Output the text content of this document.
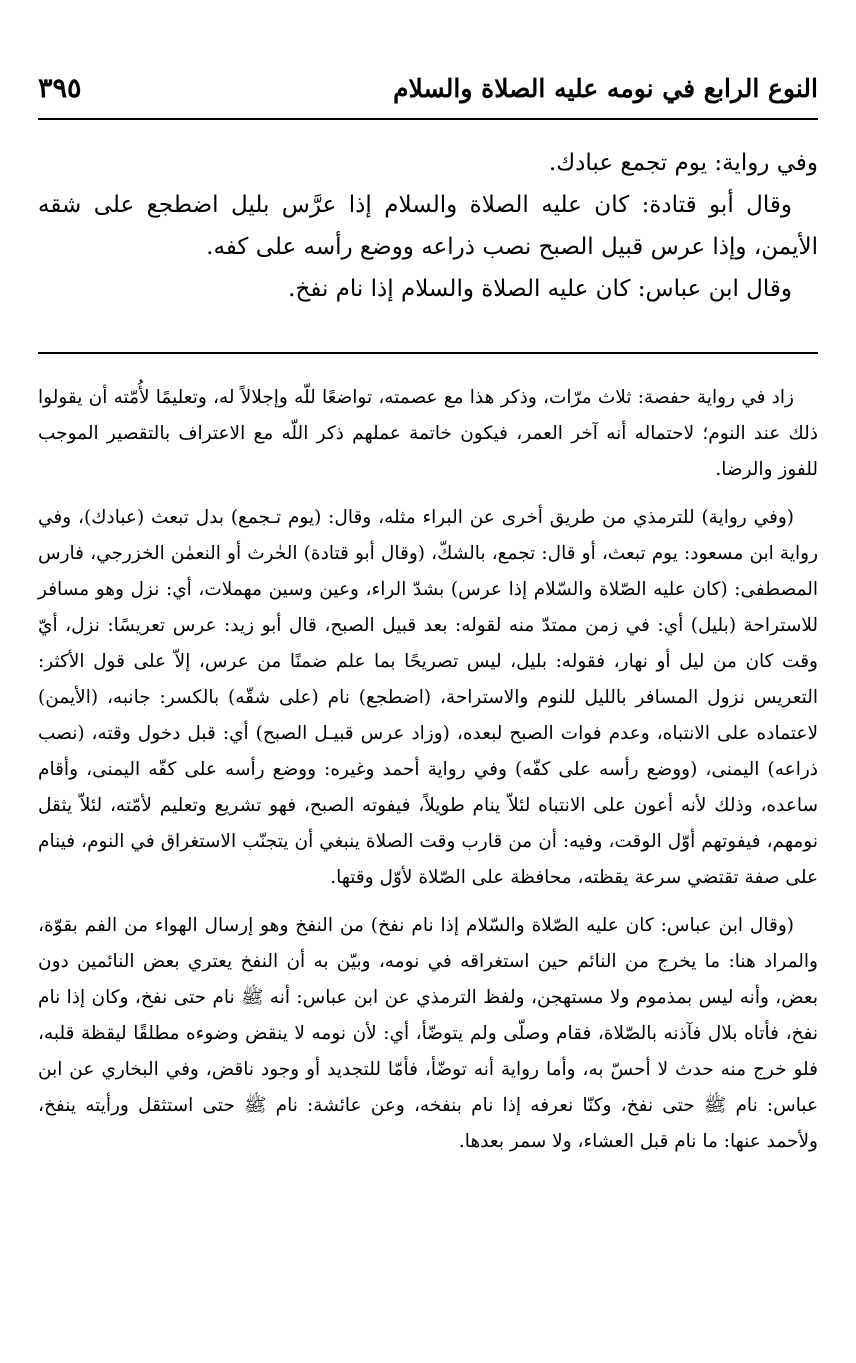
النوع الرابع في نومه عليه الصلاة والسلام
٣٩٥

وفي رواية: يوم تجمع عبادك.

وقال أبو قتادة: كان عليه الصلاة والسلام إذا عرَّس بليل اضطجع على شقه الأيمن، وإذا عرس قبيل الصبح نصب ذراعه ووضع رأسه على كفه.

وقال ابن عباس: كان عليه الصلاة والسلام إذا نام نفخ.

زاد في رواية حفصة: ثلاث مرّات، وذكر هذا مع عصمته، تواضعًا للّه وإجلالاً له، وتعليمًا لأُمّته أن يقولوا ذلك عند النوم؛ لاحتماله أنه آخر العمر، فيكون خاتمة عملهم ذكر اللّه مع الاعتراف بالتقصير الموجب للفوز والرضا.

(وفي رواية) للترمذي من طريق أخرى عن البراء مثله، وقال: (يوم تـجمع) بدل تبعث (عبادك)، وفي رواية ابن مسعود: يوم تبعث، أو قال: تجمع، بالشكّ، (وقال أبو قتادة) الحٰرث أو النعمٰن الخزرجي، فارس المصطفى: (كان عليه الصّلاة والسّلام إذا عرس) بشدّ الراء، وعين وسين مهملات، أي: نزل وهو مسافر للاستراحة (بليل) أي: في زمن ممتدّ منه لقوله: بعد قبيل الصبح، قال أبو زيد: عرس تعريسًا: نزل، أيّ وقت كان من ليل أو نهار، فقوله: بليل، ليس تصريحًا بما علم ضمنًا من عرس، إلاّ على قول الأكثر: التعريس نزول المسافر بالليل للنوم والاستراحة، (اضطجع) نام (على شقّه) بالكسر: جانبه، (الأيمن) لاعتماده على الانتباه، وعدم فوات الصبح لبعده، (وزاد عرس قبيـل الصبح) أي: قبل دخول وقته، (نصب ذراعه) اليمنى، (ووضع رأسه على كفّه) وفي رواية أحمد وغيره: ووضع رأسه على كفّه اليمنى، وأقام ساعده، وذلك لأنه أعون على الانتباه لئلاّ ينام طويلاً، فيفوته الصبح، فهو تشريع وتعليم لأمّته، لئلاّ يثقل نومهم، فيفوتهم أوّل الوقت، وفيه: أن من قارب وقت الصلاة ينبغي أن يتجنّب الاستغراق في النوم، فينام على صفة تقتضي سرعة يقظته، محافظة على الصّلاة لأوّل وقتها.

(وقال ابن عباس: كان عليه الصّلاة والسّلام إذا نام نفخ) من النفخ وهو إرسال الهواء من الفم بقوّة، والمراد هنا: ما يخرج من النائم حين استغراقه في نومه، وبيّن به أن النفخ يعتري بعض النائمين دون بعض، وأنه ليس بمذموم ولا مستهجن، ولفظ الترمذي عن ابن عباس: أنه ﷺ نام حتى نفخ، وكان إذا نام نفخ، فأتاه بلال فآذنه بالصّلاة، فقام وصلّى ولم يتوضّأ، أي: لأن نومه لا ينقض وضوءه مطلقًا ليقظة قلبه، فلو خرج منه حدث لا أحسّ به، وأما رواية أنه توضّأ، فأمّا للتجديد أو وجود ناقض، وفي البخاري عن ابن عباس: نام ﷺ حتى نفخ، وكنّا نعرفه إذا نام بنفخه، وعن عائشة: نام ﷺ حتى استثقل ورأيته ينفخ، ولأحمد عنها: ما نام قبل العشاء، ولا سمر بعدها.
